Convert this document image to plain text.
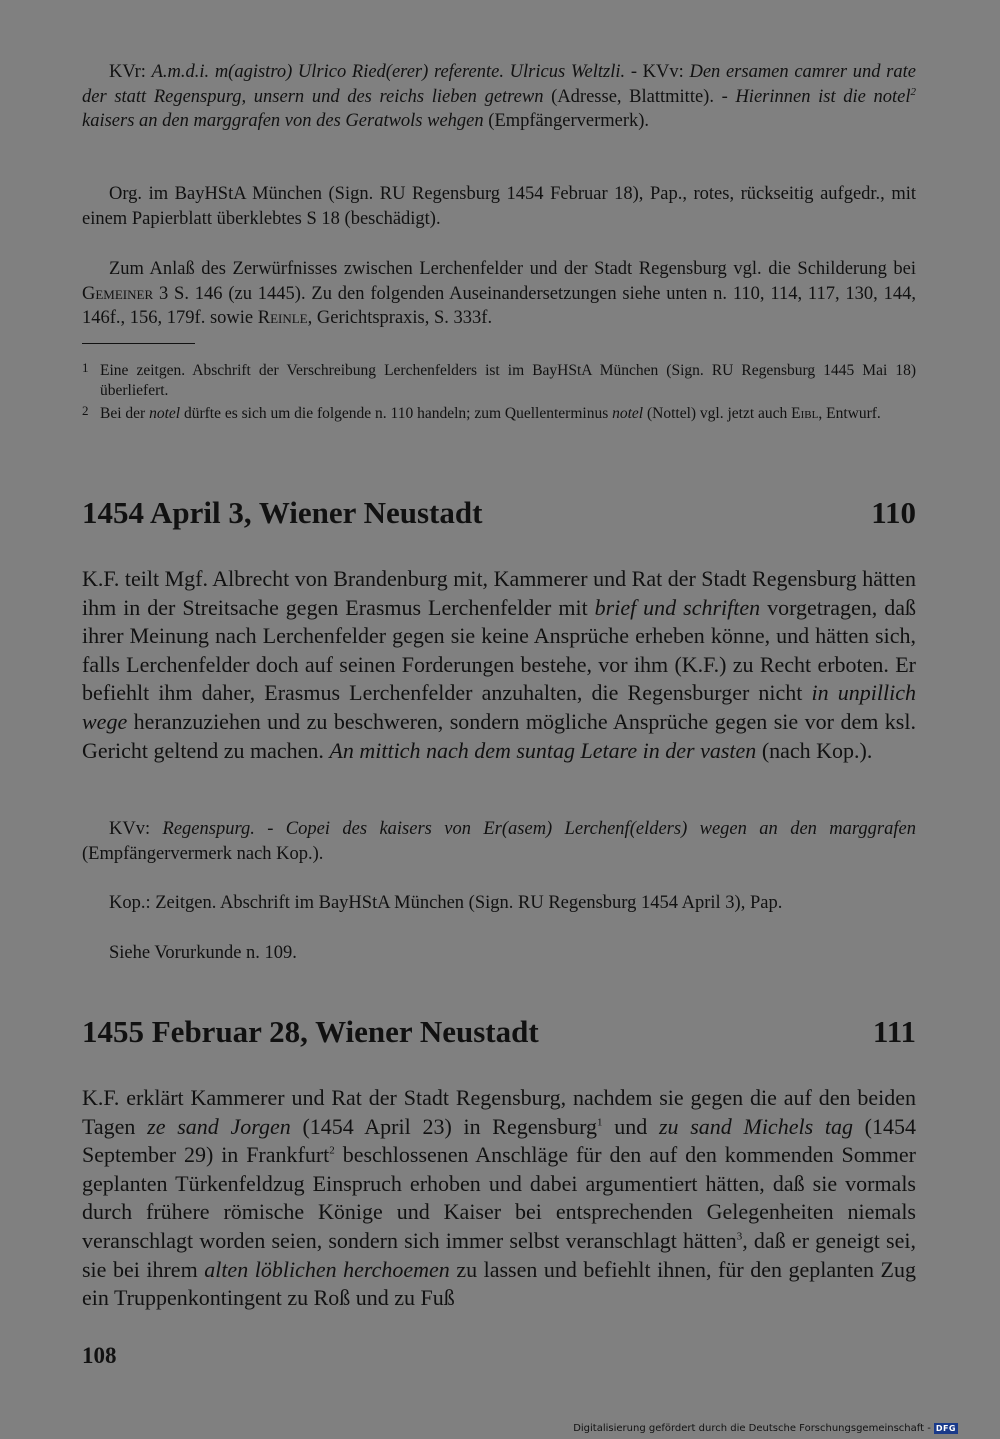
KVr: A.m.d.i. m(agistro) Ulrico Ried(erer) referente. Ulricus Weltzli. - KVv: Den ersamen camrer und rate der statt Regenspurg, unsern und des reichs lieben getrewn (Adresse, Blattmitte). - Hierinnen ist die notel$^2$ kaisers an den marggrafen von des Geratwols wehgen (Empfängervermerk).

Org. im BayHStA München (Sign. RU Regensburg 1454 Februar 18), Pap., rotes, rückseitig aufgedr., mit einem Papierblatt überklebtes S 18 (beschädigt).

Zum Anlaß des Zerwürfnisses zwischen Lerchenfelder und der Stadt Regensburg vgl. die Schilderung bei Gemeiner 3 S. 146 (zu 1445). Zu den folgenden Auseinandersetzungen siehe unten n. 110, 114, 117, 130, 144, 146f., 156, 179f. sowie Reinle, Gerichtspraxis, S. 333f.

1 Eine zeitgen. Abschrift der Verschreibung Lerchenfelders ist im BayHStA München (Sign. RU Regensburg 1445 Mai 18) überliefert.

2 Bei der notel dürfte es sich um die folgende n. 110 handeln; zum Quellenterminus notel (Nottel) vgl. jetzt auch Eibl, Entwurf.

1454 April 3, Wiener Neustadt	110

K.F. teilt Mgf. Albrecht von Brandenburg mit, Kammerer und Rat der Stadt Regensburg hätten ihm in der Streitsache gegen Erasmus Lerchenfelder mit brief und schriften vorgetragen, daß ihrer Meinung nach Lerchenfelder gegen sie keine Ansprüche erheben könne, und hätten sich, falls Lerchenfelder doch auf seinen Forderungen bestehe, vor ihm (K.F.) zu Recht erboten. Er befiehlt ihm daher, Erasmus Lerchenfelder anzuhalten, die Regensburger nicht in unpillich wege heranzuziehen und zu beschweren, sondern mögliche Ansprüche gegen sie vor dem ksl. Gericht geltend zu machen. An mittich nach dem suntag Letare in der vasten (nach Kop.).

KVv: Regenspurg. - Copei des kaisers von Er(asem) Lerchenf(elders) wegen an den marggrafen (Empfängervermerk nach Kop.).

Kop.: Zeitgen. Abschrift im BayHStA München (Sign. RU Regensburg 1454 April 3), Pap.

Siehe Vorurkunde n. 109.

1455 Februar 28, Wiener Neustadt	111

K.F. erklärt Kammerer und Rat der Stadt Regensburg, nachdem sie gegen die auf den beiden Tagen ze sand Jorgen (1454 April 23) in Regensburg$^1$ und zu sand Michels tag (1454 September 29) in Frankfurt$^2$ beschlossenen Anschläge für den auf den kommenden Sommer geplanten Türkenfeldzug Einspruch erhoben und dabei argumentiert hätten, daß sie vormals durch frühere römische Könige und Kaiser bei entsprechenden Gelegenheiten niemals veranschlagt worden seien, sondern sich immer selbst veranschlagt hätten$^3$, daß er geneigt sei, sie bei ihrem alten löblichen herchoemen zu lassen und befiehlt ihnen, für den geplanten Zug ein Truppenkontingent zu Roß und zu Fuß

108
Digitalisierung gefördert durch die Deutsche Forschungsgemeinschaft - DFG
